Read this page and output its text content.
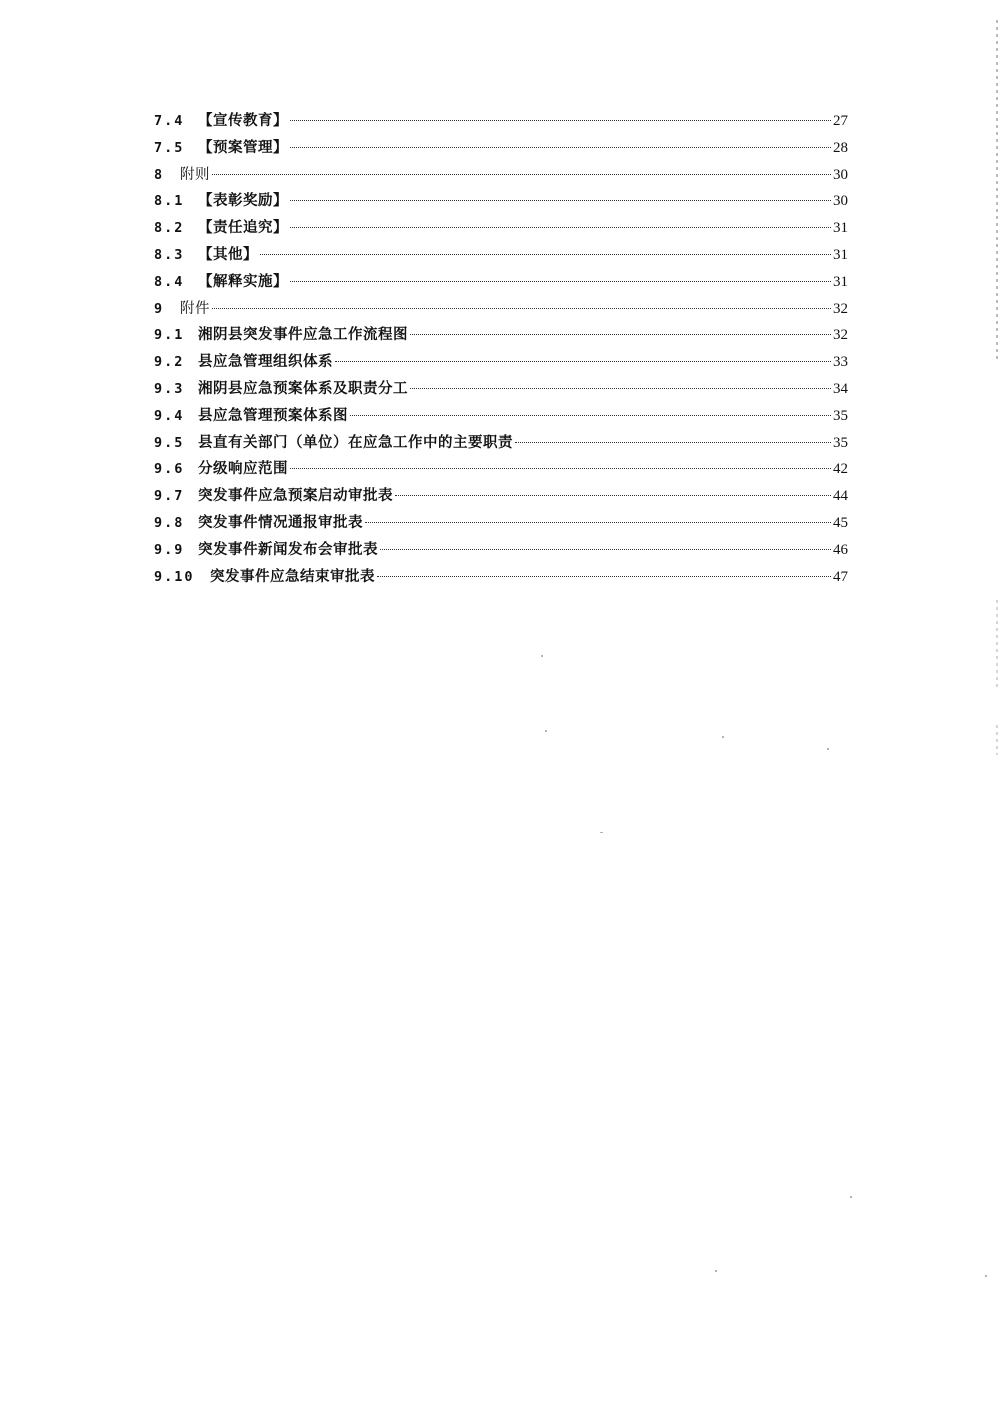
7.4 【宣传教育】	27
7.5 【预案管理】	28
8	附则	30
8.1 【表彰奖励】	30
8.2 【责任追究】	31
8.3 【其他】	31
8.4 【解释实施】	31
9	附件	32
9.1 湘阴县突发事件应急工作流程图	32
9.2 县应急管理组织体系	33
9.3 湘阴县应急预案体系及职责分工	34
9.4 县应急管理预案体系图	35
9.5 县直有关部门（单位）在应急工作中的主要职责	35
9.6 分级响应范围	42
9.7 突发事件应急预案启动审批表	44
9.8 突发事件情况通报审批表	45
9.9 突发事件新闻发布会审批表	46
9.10	突发事件应急结束审批表	47
